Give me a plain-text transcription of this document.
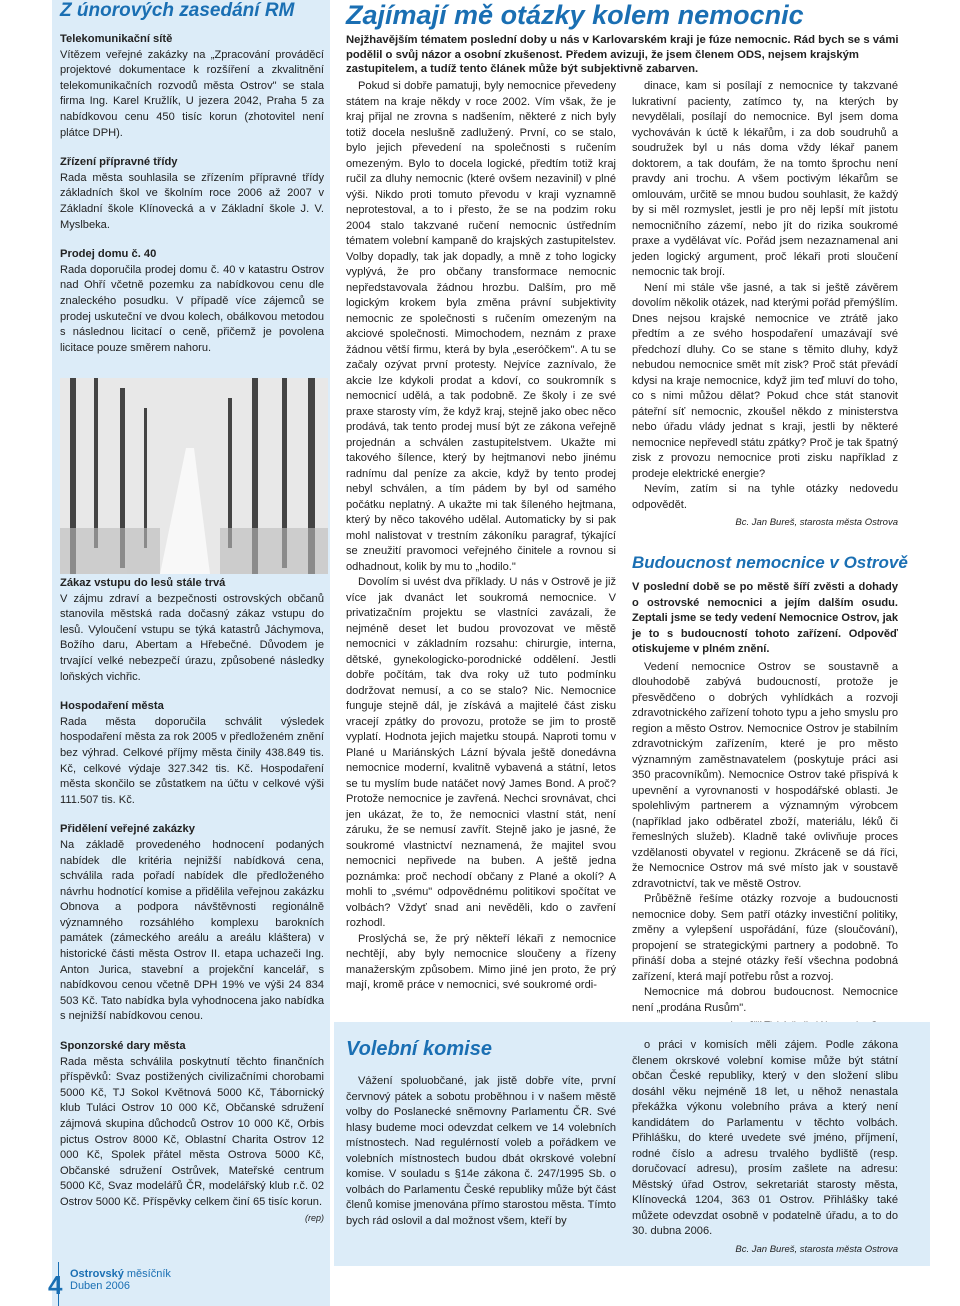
Z únorových zasedání RM
Telekomunikační sítě

Vítězem veřejné zakázky na „Zpracování prováděcí projektové dokumentace k rozšíření a zkvalitnění telekomunikačních rozvodů města Ostrov" se stala firma Ing. Karel Kružlík, U jezera 2042, Praha 5 za nabídkovou cenu 450 tisíc korun (zhotovitel není plátce DPH).

Zřízení přípravné třídy

Rada města souhlasila se zřízením přípravné třídy základních škol ve školním roce 2006 až 2007 v Základní škole Klínovecká a v Základní škole J. V. Myslbeka.

Prodej domu č. 40

Rada doporučila prodej domu č. 40 v katastru Ostrov nad Ohří včetně pozemku za nabídkovou cenu dle znaleckého posudku. V případě více zájemců se prodej uskuteční ve dvou kolech, obálkovou metodou s následnou licitací o ceně, přičemž je povolena licitace pouze směrem nahoru.

Zákaz vstupu do lesů stále trvá

V zájmu zdraví a bezpečnosti ostrovských občanů stanovila městská rada dočasný zákaz vstupu do lesů. Vyloučení vstupu se týká katastrů Jáchymova, Božího daru, Abertam a Hřebečné. Důvodem je trvající velké nebezpečí úrazu, způsobené následky loňských vichřic.

Hospodaření města

Rada města doporučila schválit výsledek hospodaření města za rok 2005 v předloženém znění bez výhrad. Celkové příjmy města činily 438.849 tis. Kč, celkové výdaje 327.342 tis. Kč. Hospodaření města skončilo se zůstatkem na účtu v celkové výši 111.507 tis. Kč.

Přidělení veřejné zakázky

Na základě provedeného hodnocení podaných nabídek dle kritéria nejnižší nabídková cena, schválila rada pořadí nabídek dle předloženého návrhu hodnotící komise a přidělila veřejnou zakázku Obnova a podpora návštěvnosti regionálně významného rozsáhlého komplexu barokních památek (zámeckého areálu a areálu kláštera) v historické části města Ostrov II. etapa uchazeči Ing. Anton Jurica, stavební a projekční kancelář, s nabídkovou cenou včetně DPH 19% ve výši 24 834 503 Kč. Tato nabídka byla vyhodnocena jako nabídka s nejnižší nabídkovou cenou.

Sponzorské dary města

Rada města schválila poskytnutí těchto finančních příspěvků: Svaz postižených civilizačními chorobami 5000 Kč, TJ Sokol Květnová 5000 Kč, Tábornický klub Tuláci Ostrov 10 000 Kč, Občanské sdružení zájmová skupina důchodců Ostrov 10 000 Kč, Orbis pictus Ostrov 8000 Kč, Oblastní Charita Ostrov 12 000 Kč, Spolek přátel města Ostrova 5000 Kč, Občanské sdružení Ostrůvek, Mateřské centrum 5000 Kč, Svaz modelářů ČR, modelářský klub r.č. 02 Ostrov 5000 Kč. Příspěvky celkem činí 65 tisíc korun.
(rep)

4 Ostrovský měsíčník
Duben 2006
Zajímají mě otázky kolem nemocnic
Nejžhavějším tématem poslední doby u nás v Karlovarském kraji je fúze nemocnic. Rád bych se s vámi podělil o svůj názor a osobní zkušenost. Předem avizuji, že jsem členem ODS, nejsem krajským zastupitelem, a tudíž tento článek může být subjektivně zabarven.

Pokud si dobře pamatuji, byly nemocnice převedeny státem na kraje někdy v roce 2002. Vím však, že je kraj přijal ne zrovna s nadšením, některé z nich byly totiž docela neslušně zadlužený. První, co se stalo, bylo jejich převedení na společnosti s ručením omezeným. Bylo to docela logické, předtím totiž kraj ručil za dluhy nemocnic (které ovšem nezavinil) v plné výši. Nikdo proti tomuto převodu v kraji vyznamně neprotestoval, a to i přesto, že se na podzim roku 2004 stalo takzvané ručení nemocnic ústředním tématem volební kampaně do krajských zastupitelstev. Volby dopadly, tak jak dopadly, a mně z toho logicky vyplývá, že pro občany transformace nemocnic nepředstavovala žádnou hrozbu. Dalším, pro mě logickým krokem byla změna právní subjektivity nemocnic ze společnosti s ručením omezeným na akciové společnosti. Mimochodem, neznám z praxe žádnou větší firmu, která by byla „eseróčkem". A tu se začaly ozývat první protesty. Nejvíce zaznívalo, že akcie lze kdykoli prodat a kdoví, co soukromník s nemocnicí udělá, a tak podobně. Ze školy i ze své praxe starosty vím, že když kraj, stejně jako obec něco prodává, tak tento prodej musí být ze zákona veřejně projednán a schválen zastupitelstvem. Ukažte mi takového šílence, který by hejtmanovi nebo jinému radnímu dal peníze za akcie, když by tento prodej nebyl schválen, a tím pádem by byl od samého počátku neplatný. A ukažte mi tak šíleného hejtmana, který by něco takového udělal. Automaticky by si pak mohl nalistovat v trestním zákoníku paragraf, týkající se zneužití pravomoci veřejného činitele a rovnou si odhadnout, kolik by mu to „hodilo."

Dovolím si uvést dva příklady. U nás v Ostrově je již více jak dvanáct let soukromá nemocnice. V privatizačním projektu se vlastníci zavázali, že nejméně deset let budou provozovat ve městě nemocnici v základním rozsahu: chirurgie, interna, dětské, gynekologicko-porodnické oddělení. Jestli dobře počítám, tak dva roky už tuto podmínku dodržovat nemusí, a co se stalo? Nic. Nemocnice funguje stejně dál, je získává a majitelé část zisku vracejí zpátky do provozu, protože se jim to prostě vyplatí. Hodnota jejich majetku stoupá. Naproti tomu v Plané u Mariánských Lázní bývala ještě donedávna nemocnice moderní, kvalitně vybavená a státní, letos se tu myslím bude natáčet nový James Bond. A proč? Protože nemocnice je zavřená. Nechci srovnávat, chci jen ukázat, že to, že nemocnici vlastní stát, není záruku, že se nemusí zavřít. Stejně jako je jasné, že soukromé vlastnictví neznamená, že majitel svou nemocnici nepřivede na buben. A ještě jedna poznámka: proč nechodí občany z Plané a okolí? A mohli to „svému" odpovědnému politikovi spočítat ve volbách? Vždyť snad ani nevěděli, kdo o zavření rozhodl.

Proslýchá se, že prý někteří lékaři z nemocnice nechtějí, aby byly nemocnice sloučeny a řízeny manažerským způsobem. Mimo jiné jen proto, že prý mají, kromě práce v nemocnici, své soukromé ordi-

dinace, kam si posílají z nemocnice ty takzvané lukrativní pacienty, zatímco ty, na kterých by nevydělali, posílají do nemocnice. Byl jsem doma vychováván k úctě k lékařům, i za dob soudruhů a soudružek byl u nás doma vždy lékař panem doktorem, a tak doufám, že na tomto šprochu není pravdy ani trochu. A všem poctivým lékařům se omlouvám, určitě se mnou budou souhlasit, že každý by si měl rozmyslet, jestli je pro něj lepší mít jistotu nemocničního zázemí, nebo jít do rizika soukromé praxe a vydělávat víc. Pořád jsem nezaznamenal ani jeden logický argument, proč lékaři proti sloučení nemocnic tak brojí.

Není mi stále vše jasné, a tak si ještě závěrem dovolím několik otázek, nad kterými pořád přemýšlím. Dnes nejsou krajské nemocnice ve ztrátě jako předtím a ze svého hospodaření umazávají své předchozí dluhy. Co se stane s těmito dluhy, když nebudou nemocnice smět mít zisk? Proč stát převádí kdysi na kraje nemocnice, když jim teď mluví do toho, co s nimi můžou dělat? Pokud chce stát stanovit páteřní síť nemocnic, zkoušel někdo z ministerstva nebo úřadu vlády jednat s kraji, jestli by některé nemocnice nepřevedl státu zpátky? Proč je tak špatný zisk z provozu nemocnice proti zisku například z prodeje elektrické energie?

Nevím, zatím si na tyhle otázky nedovedu odpovědět.

Bc. Jan Bureš, starosta města Ostrova
Budoucnost nemocnice v Ostrově
V poslední době se po městě šíří zvěsti a dohady o ostrovské nemocnici a jejím dalším osudu. Zeptali jsme se tedy vedení Nemocnice Ostrov, jak je to s budoucností tohoto zařízení. Odpověď otiskujeme v plném znění.

Vedení nemocnice Ostrov se soustavně a dlouhodobě zabývá budoucností, protože je přesvědčeno o dobrých vyhlídkách a rozvoji zdravotnického zařízení tohoto typu a jeho smyslu pro region a město Ostrov. Nemocnice Ostrov je stabilním zdravotnickým zařízením, které je pro město významným zaměstnavatelem (poskytuje práci asi 350 pracovníkům). Nemocnice Ostrov také přispívá k upevnění a vyrovnanosti v hospodářské oblasti. Je spolehlivým partnerem a významným výrobcem (například jako odběratel zboží, materiálu, léků či řemeslných služeb). Kladně také ovlivňuje proces vzdělanosti obyvatel v regionu. Zkráceně se dá říci, že Nemocnice Ostrov má své místo jak v soustavě zdravotnictví, tak ve městě Ostrov.

Průběžně řešíme otázky rozvoje a budoucnosti nemocnice doby. Sem patří otázky investiční politiky, změny a vylepšení uspořádání, fúze (sloučování), propojení se strategickými partnery a podobně. To přináší doba a stejné otázky řeší všechna podobná zařízení, která mají potřebu růst a rozvoj.

Nemocnice má dobrou budoucnost. Nemocnice není „prodána Rusům".

Volební komise

Vážení spoluobčané, jak jistě dobře víte, první červnový pátek a sobotu proběhnou i v našem městě volby do Poslanecké sněmovny Parlamentu ČR. Své hlasy budeme moci odevzdat celkem ve 14 volebních místnostech. Nad regulérností voleb a pořádkem ve volebních místnostech budou dbát okrskové volební komise. V souladu s §14e zákona č. 247/1995 Sb. o volbách do Parlamentu České republiky může být část členů komise jmenována přímo starostou města. Tímto bych rád oslovil a dal možnost všem, kteří by

o práci v komisích měli zájem. Podle zákona členem okrskové volební komise může být státní občan České republiky, který v den složení slibu dosáhl věku nejméně 18 let, u něhož nenastala překážka výkonu volebního práva a který není kandidátem do Parlamentu v těchto volbách. Přihlášku, do které uvedete své jméno, příjmení, rodné číslo a adresu trvalého bydliště (resp. doručovací adresu), prosím zašlete na adresu: Městský úřad Ostrov, sekretariát starosty města, Klínovecká 1204, 363 01 Ostrov. Přihlášky také můžete odevzdat osobně v podatelně úřadu, a to do 30. dubna 2006.

Bc. Jan Bureš, starosta města Ostrova
